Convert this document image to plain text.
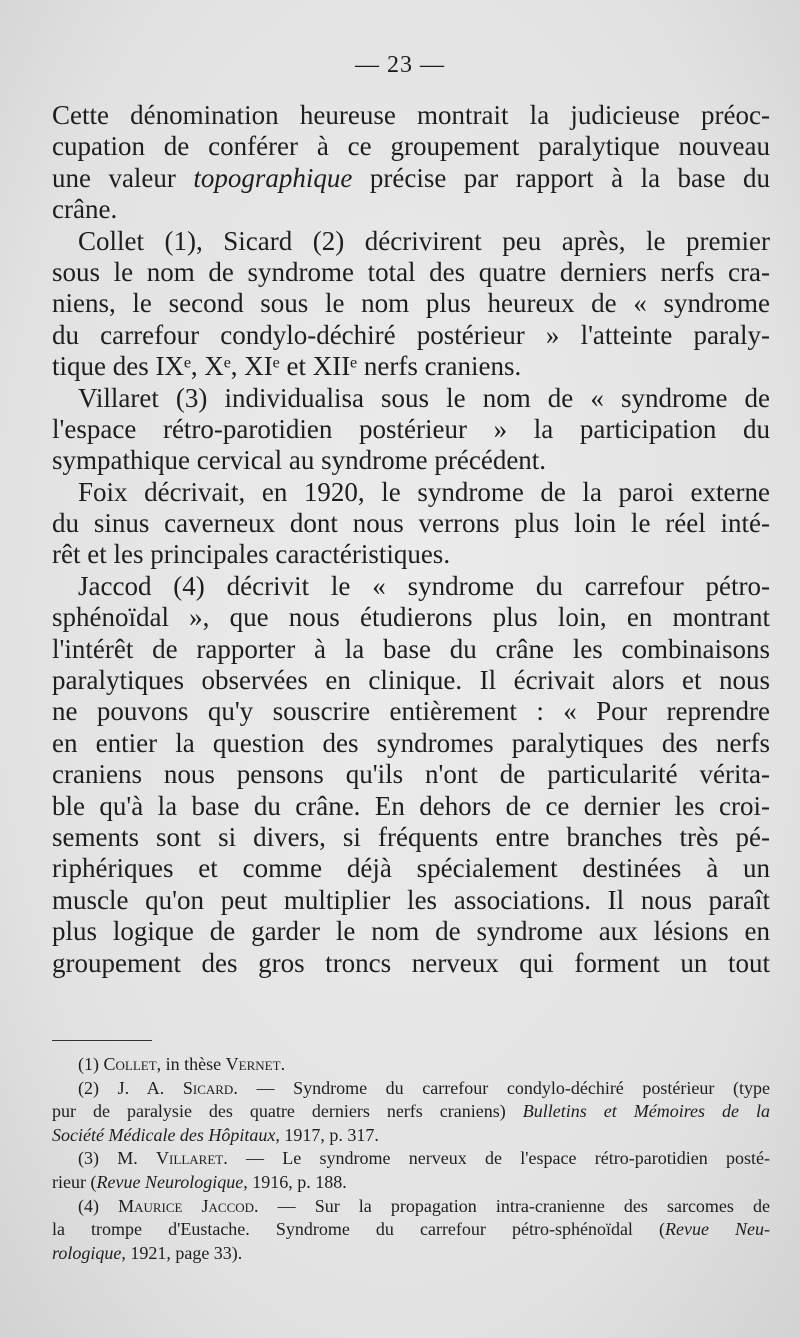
— 23 —
Cette dénomination heureuse montrait la judicieuse préoc-
cupation de conférer à ce groupement paralytique nouveau
une valeur topographique précise par rapport à la base du
crâne.
Collet (1), Sicard (2) décrivirent peu après, le premier
sous le nom de syndrome total des quatre derniers nerfs cra-
niens, le second sous le nom plus heureux de « syndrome
du carrefour condylo-déchiré postérieur » l'atteinte paraly-
tique des IXᵉ, Xᵉ, XIᵉ et XIIᵉ nerfs craniens.
Villaret (3) individualisa sous le nom de « syndrome de
l'espace rétro-parotidien postérieur » la participation du
sympathique cervical au syndrome précédent.
Foix décrivait, en 1920, le syndrome de la paroi externe
du sinus caverneux dont nous verrons plus loin le réel inté-
rêt et les principales caractéristiques.
Jaccod (4) décrivit le « syndrome du carrefour pétro-
sphénoïdal », que nous étudierons plus loin, en montrant
l'intérêt de rapporter à la base du crâne les combinaisons
paralytiques observées en clinique. Il écrivait alors et nous
ne pouvons qu'y souscrire entièrement : « Pour reprendre
en entier la question des syndromes paralytiques des nerfs
craniens nous pensons qu'ils n'ont de particularité vérita-
ble qu'à la base du crâne. En dehors de ce dernier les croi-
sements sont si divers, si fréquents entre branches très pé-
riphériques et comme déjà spécialement destinées à un
muscle qu'on peut multiplier les associations. Il nous paraît
plus logique de garder le nom de syndrome aux lésions en
groupement des gros troncs nerveux qui forment un tout
(1) Collet, in thèse Vernet.
(2) J. A. Sicard. — Syndrome du carrefour condylo-déchiré postérieur (type
pur de paralysie des quatre derniers nerfs craniens) Bulletins et Mémoires de la
Société Médicale des Hôpitaux, 1917, p. 317.
(3) M. Villaret. — Le syndrome nerveux de l'espace rétro-parotidien posté-
rieur (Revue Neurologique, 1916, p. 188.
(4) Maurice Jaccod. — Sur la propagation intra-cranienne des sarcomes de
la trompe d'Eustache. Syndrome du carrefour pétro-sphénoïdal (Revue Neu-
rologique, 1921, page 33).
